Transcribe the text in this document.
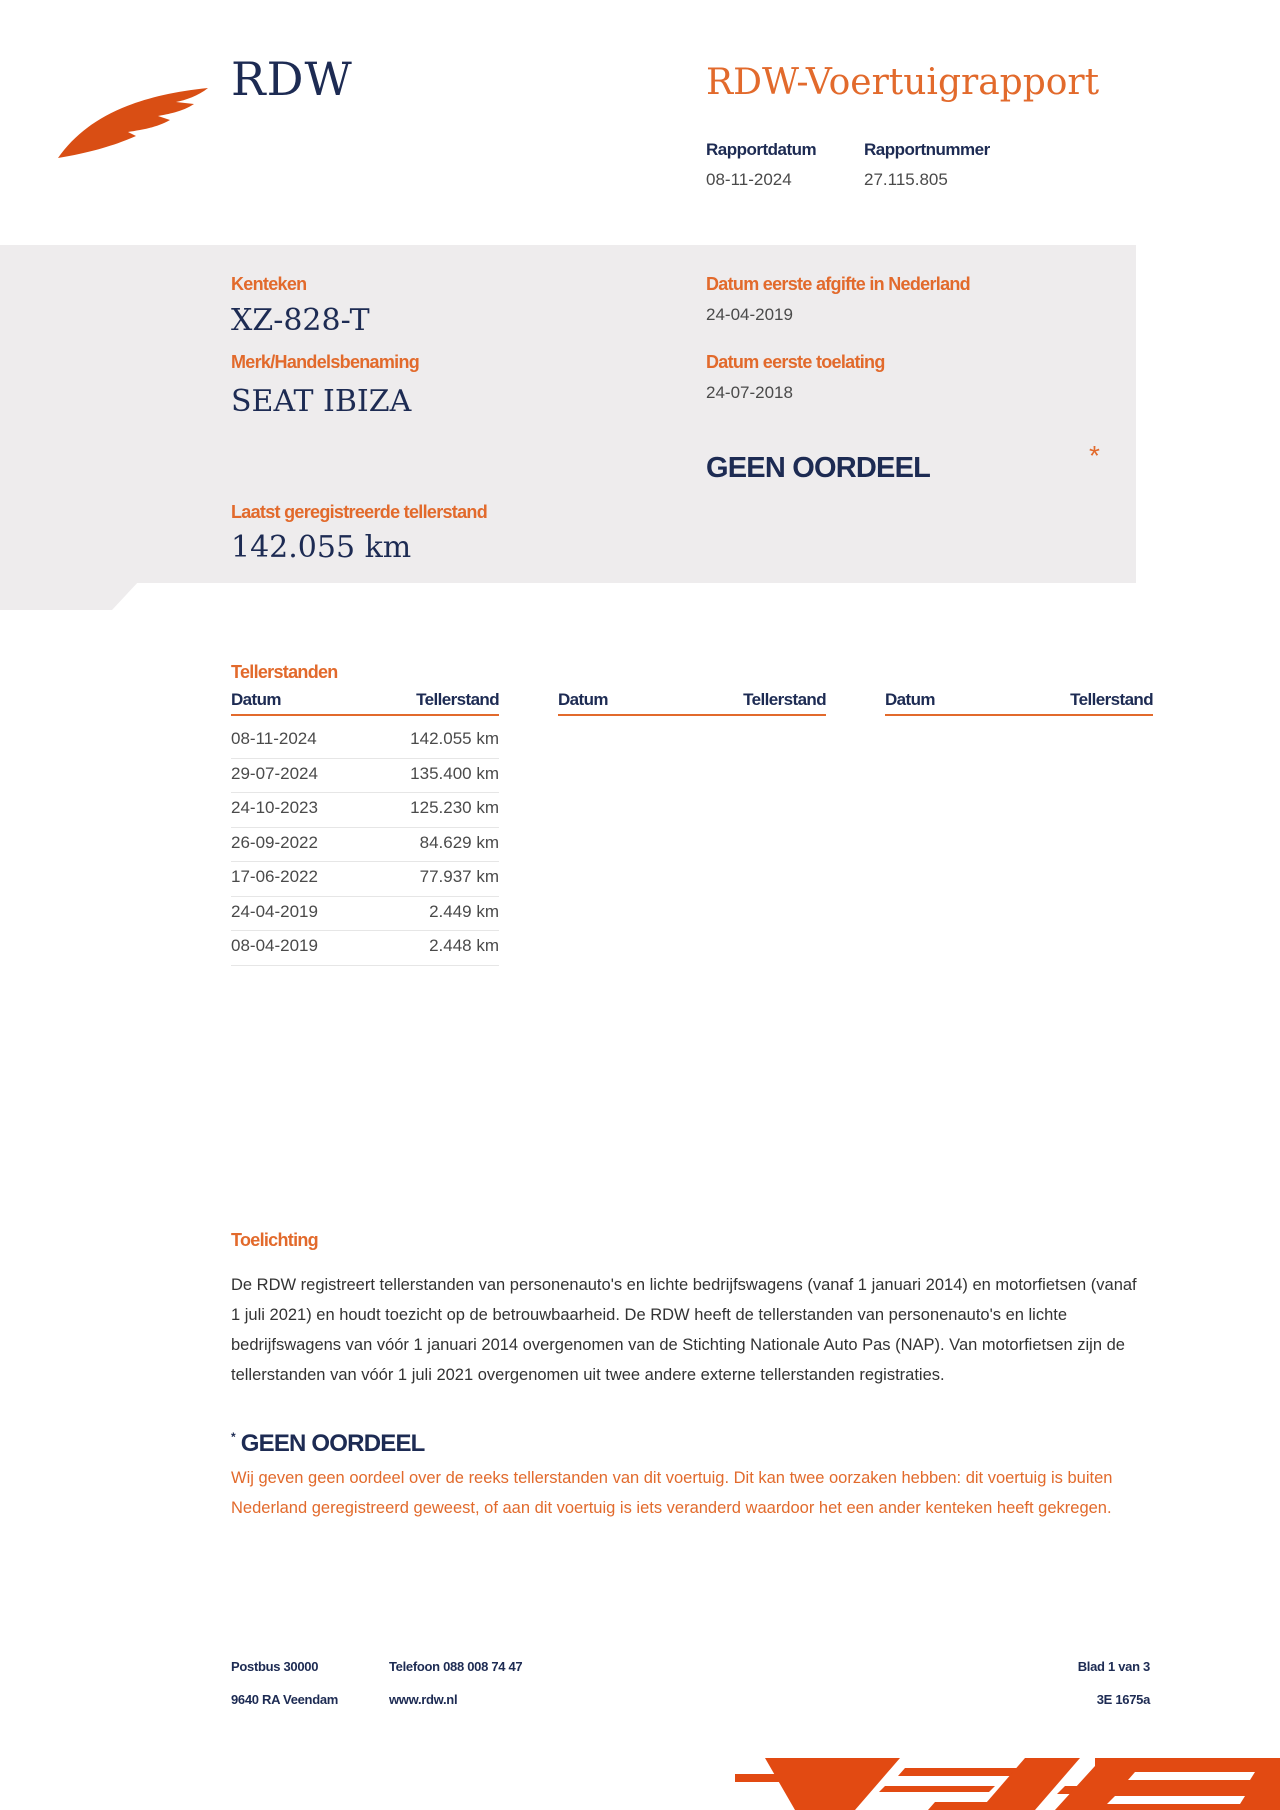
RDW	RDW-Voertuigrapport
Rapportdatum
08-11-2024
Rapportnummer
27.115.805
Kenteken
XZ-828-T
Merk/Handelsbenaming
SEAT IBIZA
Datum eerste afgifte in Nederland
24-04-2019
Datum eerste toelating
24-07-2018
GEEN OORDEEL	*
Laatst geregistreerde tellerstand
142.055 km
Tellerstanden
Datum	Tellerstand	Datum	Tellerstand	Datum	Tellerstand
08-11-2024	142.055 km
29-07-2024	135.400 km
24-10-2023	125.230 km
26-09-2022	84.629 km
17-06-2022	77.937 km
24-04-2019	2.449 km
08-04-2019	2.448 km
Toelichting
De RDW registreert tellerstanden van personenauto's en lichte bedrijfswagens (vanaf 1 januari 2014) en motorfietsen (vanaf 1 juli 2021) en houdt toezicht op de betrouwbaarheid. De RDW heeft de tellerstanden van personenauto's en lichte bedrijfswagens van vóór 1 januari 2014 overgenomen van de Stichting Nationale Auto Pas (NAP). Van motorfietsen zijn de tellerstanden van vóór 1 juli 2021 overgenomen uit twee andere externe tellerstanden registraties.
* GEEN OORDEEL
Wij geven geen oordeel over de reeks tellerstanden van dit voertuig. Dit kan twee oorzaken hebben: dit voertuig is buiten Nederland geregistreerd geweest, of aan dit voertuig is iets veranderd waardoor het een ander kenteken heeft gekregen.
Postbus 30000
9640 RA Veendam
Telefoon 088 008 74 47
www.rdw.nl
Blad 1 van 3
3E 1675a
